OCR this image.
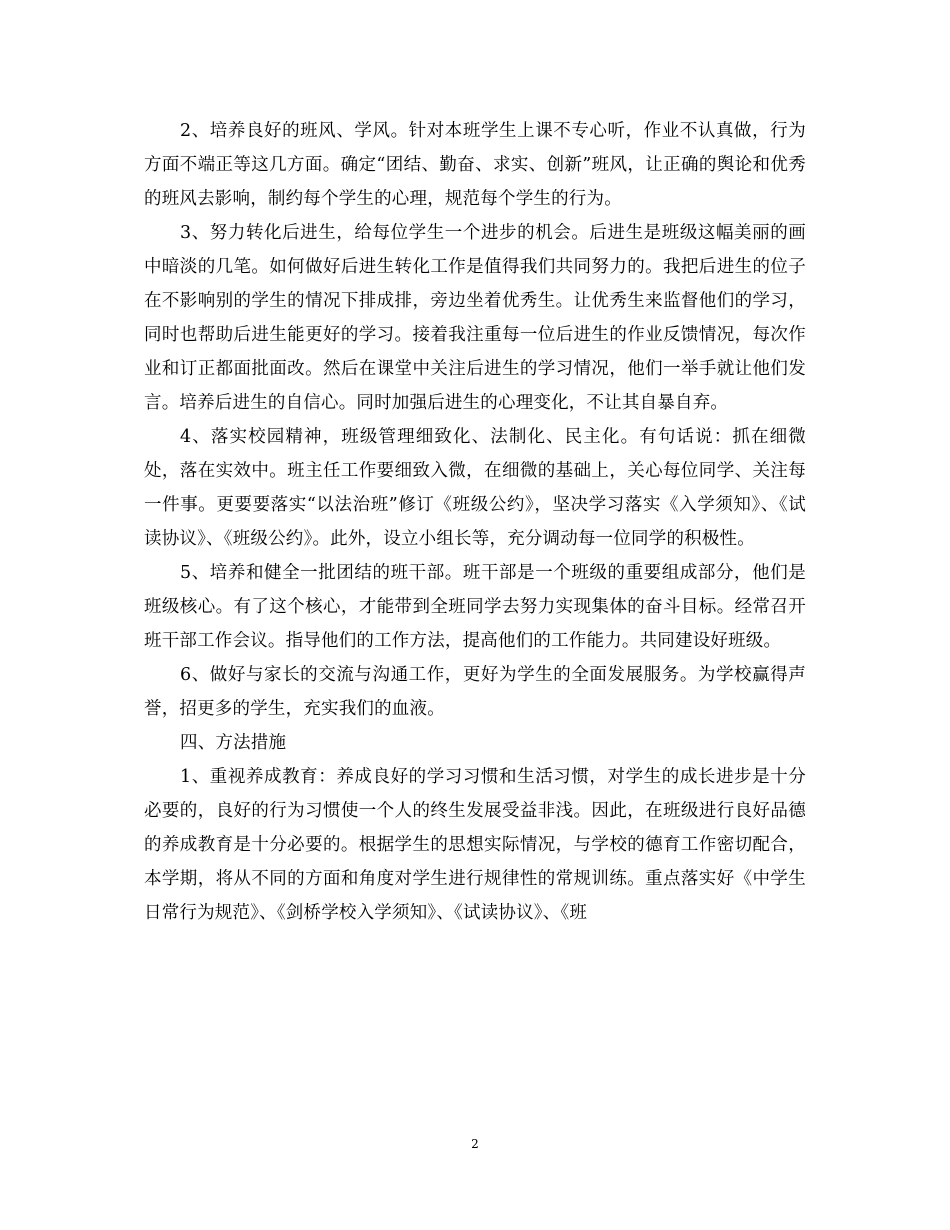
2、培养良好的班风、学风。针对本班学生上课不专心听，作业不认真做，行为方面不端正等这几方面。确定“团结、勤奋、求实、创新”班风，让正确的舆论和优秀的班风去影响，制约每个学生的心理，规范每个学生的行为。

3、努力转化后进生，给每位学生一个进步的机会。后进生是班级这幅美丽的画中暗淡的几笔。如何做好后进生转化工作是值得我们共同努力的。我把后进生的位子在不影响别的学生的情况下排成排，旁边坐着优秀生。让优秀生来监督他们的学习，同时也帮助后进生能更好的学习。接着我注重每一位后进生的作业反馈情况，每次作业和订正都面批面改。然后在课堂中关注后进生的学习情况，他们一举手就让他们发言。培养后进生的自信心。同时加强后进生的心理变化，不让其自暴自弃。

4、落实校园精神，班级管理细致化、法制化、民主化。有句话说：抓在细微处，落在实效中。班主任工作要细致入微，在细微的基础上，关心每位同学、关注每一件事。更要要落实“以法治班”修订《班级公约》，坚决学习落实《入学须知》、《试读协议》、《班级公约》。此外，设立小组长等，充分调动每一位同学的积极性。

5、培养和健全一批团结的班干部。班干部是一个班级的重要组成部分，他们是班级核心。有了这个核心，才能带到全班同学去努力实现集体的奋斗目标。经常召开班干部工作会议。指导他们的工作方法，提高他们的工作能力。共同建设好班级。

6、做好与家长的交流与沟通工作，更好为学生的全面发展服务。为学校赢得声誉，招更多的学生，充实我们的血液。

四、方法措施

1、重视养成教育：养成良好的学习习惯和生活习惯，对学生的成长进步是十分必要的，良好的行为习惯使一个人的终生发展受益非浅。因此，在班级进行良好品德的养成教育是十分必要的。根据学生的思想实际情况，与学校的德育工作密切配合，本学期，将从不同的方面和角度对学生进行规律性的常规训练。重点落实好《中学生日常行为规范》、《剑桥学校入学须知》、《试读协议》、《班

2
